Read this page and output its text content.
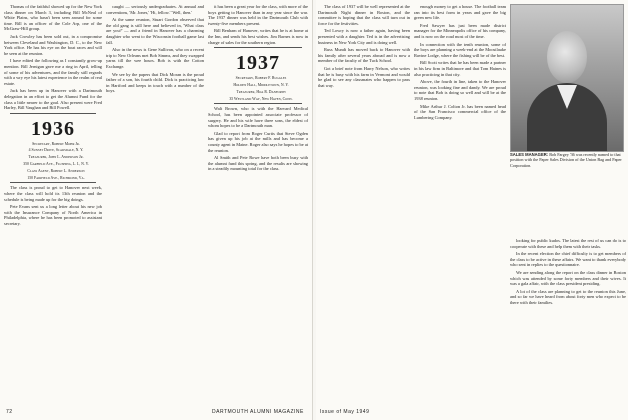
Thomas of the faithful showed up for the New York class dinner on March 3, including Bill McNeal of White Plains, who hasn't been seen around for some time. Bill is an officer of the Cole Arp, one of the McGraw-Hill group.

Jack Crowley has been sold out, in a compromise between Cleveland and Washington, D. C., to the New York office. He has his eye on the boat races and will be seen at the reunion.

I have edited the following as I constantly grow-up mention. Bill Jernigan gave me a ring in April, telling of some of his adventures, and the family still regards with a wry eye his latest experience in the realm of real estate.

Jack has been up in Hanover with a Dartmouth delegation in an effort to get the Alumni Fund for the class a little nearer to the goal. Also present were Fred Harley, Bill Vaughan and Bill Powell.

1936

Secretary, Robert Mohr Jr.

4 Sunset Drive, Scarsdale, N. Y.

Treasurer, John L. Anderson Jr.

350 Garfield Ave., Flushing, L. I., N. Y.

Class Agent, Robert L. Anderson

150 Fairfield Ave., Richmond, Va.

The class is proud to get to Hanover next week, where the class will hold its 13th reunion and the schedule is being made up for the big doings.

Pete Evans sent us a long letter about his new job with the Insurance Company of North America in Philadelphia, where he has been promoted to assistant secretary.

caught — seriously undergraduates. At annual and conventions, 'Mr. Jones,' 'Hi, fellow.' 'Well, then.'

At the same reunion, Stuart Gordon observed that the old gang is still here and believed in, 'What class are you?' — and a friend in Hanover has a charming daughter who went to the Wisconsin football game last fall.

Also in the news is Gene Sullivan, who on a recent trip to New Orleans met Bob Simms, and they swapped yarns till the wee hours. Bob is with the Cotton Exchange.

We see by the papers that Dick Moran is the proud father of a son, his fourth child. Dick is practicing law in Hartford and keeps in touch with a number of the boys.

it has been a great year for the class, with more of the boys getting to Hanover than in any year since the war. The 1937 dinner was held in the Dartmouth Club with twenty-five members present.

Bill Benham of Hanover, writes that he is at home at the Inn, and sends his best wishes. Jim Barnes is now in charge of sales for the southern region.

1937

Secretary, Robert F. Ruggles

Holden Hall, Middletown, N. Y.

Treasurer, Hoa R. Danforth

35 Westland Way, New Haven, Conn.

Walt Brown, who is with the Harvard Medical School, has been appointed associate professor of surgery. He and his wife have three sons, the eldest of whom hopes to be a Dartmouth man.

Glad to report from Roger Curtis that Steve Ogden has given up his job at the mills and has become a county agent in Maine. Roger also says he hopes to be at the reunion.

Al Smith and Pete Rowe have both been busy with the alumni fund this spring, and the results are showing in a steadily mounting total for the class.

72	DARTMOUTH ALUMNI MAGAZINE

The class of 1937 will be well represented at the Dartmouth Night dinner in Boston, and the committee is hoping that the class will turn out in force for the festivities.

Ted Lowry is now a father again, having been presented with a daughter. Ted is in the advertising business in New York City and is doing well.

Russ Mundt has moved back to Hanover with his family after several years abroad and is now a member of the faculty of the Tuck School.

Got a brief note from Harry Nelson, who writes that he is busy with his farm in Vermont and would be glad to see any classmates who happen to pass that way.

enough money to get a house. The football team ran into its best form in years and gave the big green new life.

Fred Sawyer has just been made district manager for the Minneapolis office of his company, and is now on the road most of the time.

In connection with the tenth reunion, some of the boys are planning a week-end at the Moosilauke Ravine Lodge, where the fishing will be of the best.

Bill Scott writes that he has been made a partner in his law firm in Baltimore and that Tom Haines is also practicing in that city.

Above, the fourth in line, taken to the Hanover reunion, was looking fine and dandy. We are proud to note that Bob is doing so well and will be at the 1938 reunion.

Mike Arthur J. Colton Jr. has been named head of the San Francisco commercial office of the Lumbering Company.

looking for public kudos. The latest the rest of us can do is to cooperate with these and help them with their tasks.

In the recent election the chief difficulty is to get members of the class to be active in these affairs. We want to thank everybody who sent in replies to the questionnaire.

We are sending along the report on the class dinner in Boston which was attended by some forty members and their wives. It was a gala affair, with the class president presiding.

A lot of the class are planning to get to the reunion this June, and so far we have heard from about forty men who expect to be there with their families.

Issue of May 1949
SALES MANAGER: Bob Fargey '36 was recently named to that position with the Paper Sales Division of the Union Bag and Paper Corporation.
